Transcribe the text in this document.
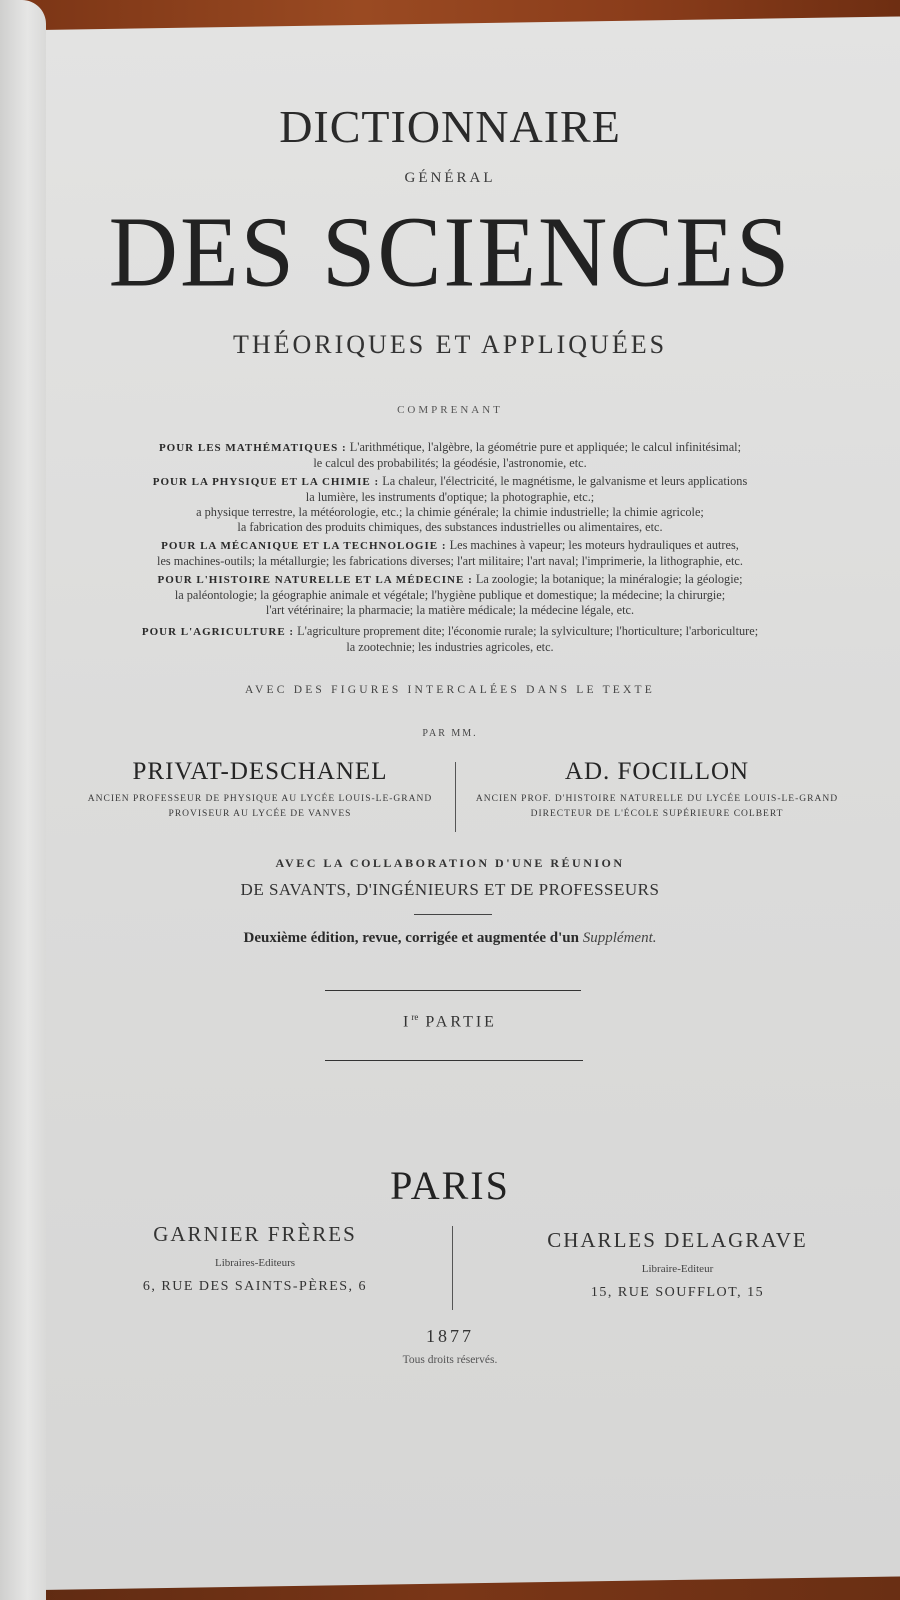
DICTIONNAIRE
GÉNÉRAL
DES SCIENCES
THÉORIQUES ET APPLIQUÉES
COMPRENANT
POUR LES MATHÉMATIQUES : L'arithmétique, l'algèbre, la géométrie pure et appliquée; le calcul infinitésimal;
le calcul des probabilités; la géodésie, l'astronomie, etc.
POUR LA PHYSIQUE ET LA CHIMIE : La chaleur, l'électricité, le magnétisme, le galvanisme et leurs applications
la lumière, les instruments d'optique; la photographie, etc.;
a physique terrestre, la météorologie, etc.; la chimie générale; la chimie industrielle; la chimie agricole;
la fabrication des produits chimiques, des substances industrielles ou alimentaires, etc.
POUR LA MÉCANIQUE ET LA TECHNOLOGIE : Les machines à vapeur; les moteurs hydrauliques et autres,
les machines-outils; la métallurgie; les fabrications diverses; l'art militaire; l'art naval; l'imprimerie, la lithographie, etc.
POUR L'HISTOIRE NATURELLE ET LA MÉDECINE : La zoologie; la botanique; la minéralogie; la géologie;
la paléontologie; la géographie animale et végétale; l'hygiène publique et domestique; la médecine; la chirurgie;
l'art vétérinaire; la pharmacie; la matière médicale; la médecine légale, etc.
POUR L'AGRICULTURE : L'agriculture proprement dite; l'économie rurale; la sylviculture; l'horticulture; l'arboriculture;
la zootechnie; les industries agricoles, etc.
AVEC DES FIGURES INTERCALÉES DANS LE TEXTE
PAR MM.
PRIVAT-DESCHANEL
ANCIEN PROFESSEUR DE PHYSIQUE AU LYCÉE LOUIS-LE-GRAND
PROVISEUR AU LYCÉE DE VANVES
AD. FOCILLON
ANCIEN PROF. D'HISTOIRE NATURELLE DU LYCÉE LOUIS-LE-GRAND
DIRECTEUR DE L'ÉCOLE SUPÉRIEURE COLBERT
AVEC LA COLLABORATION D'UNE RÉUNION
DE SAVANTS, D'INGÉNIEURS ET DE PROFESSEURS
Deuxième édition, revue, corrigée et augmentée d'un Supplément.
Ire PARTIE
PARIS
GARNIER FRÈRES
Libraires-Editeurs
6, RUE DES SAINTS-PÈRES, 6
CHARLES DELAGRAVE
Libraire-Editeur
15, RUE SOUFFLOT, 15
1877
Tous droits réservés.
